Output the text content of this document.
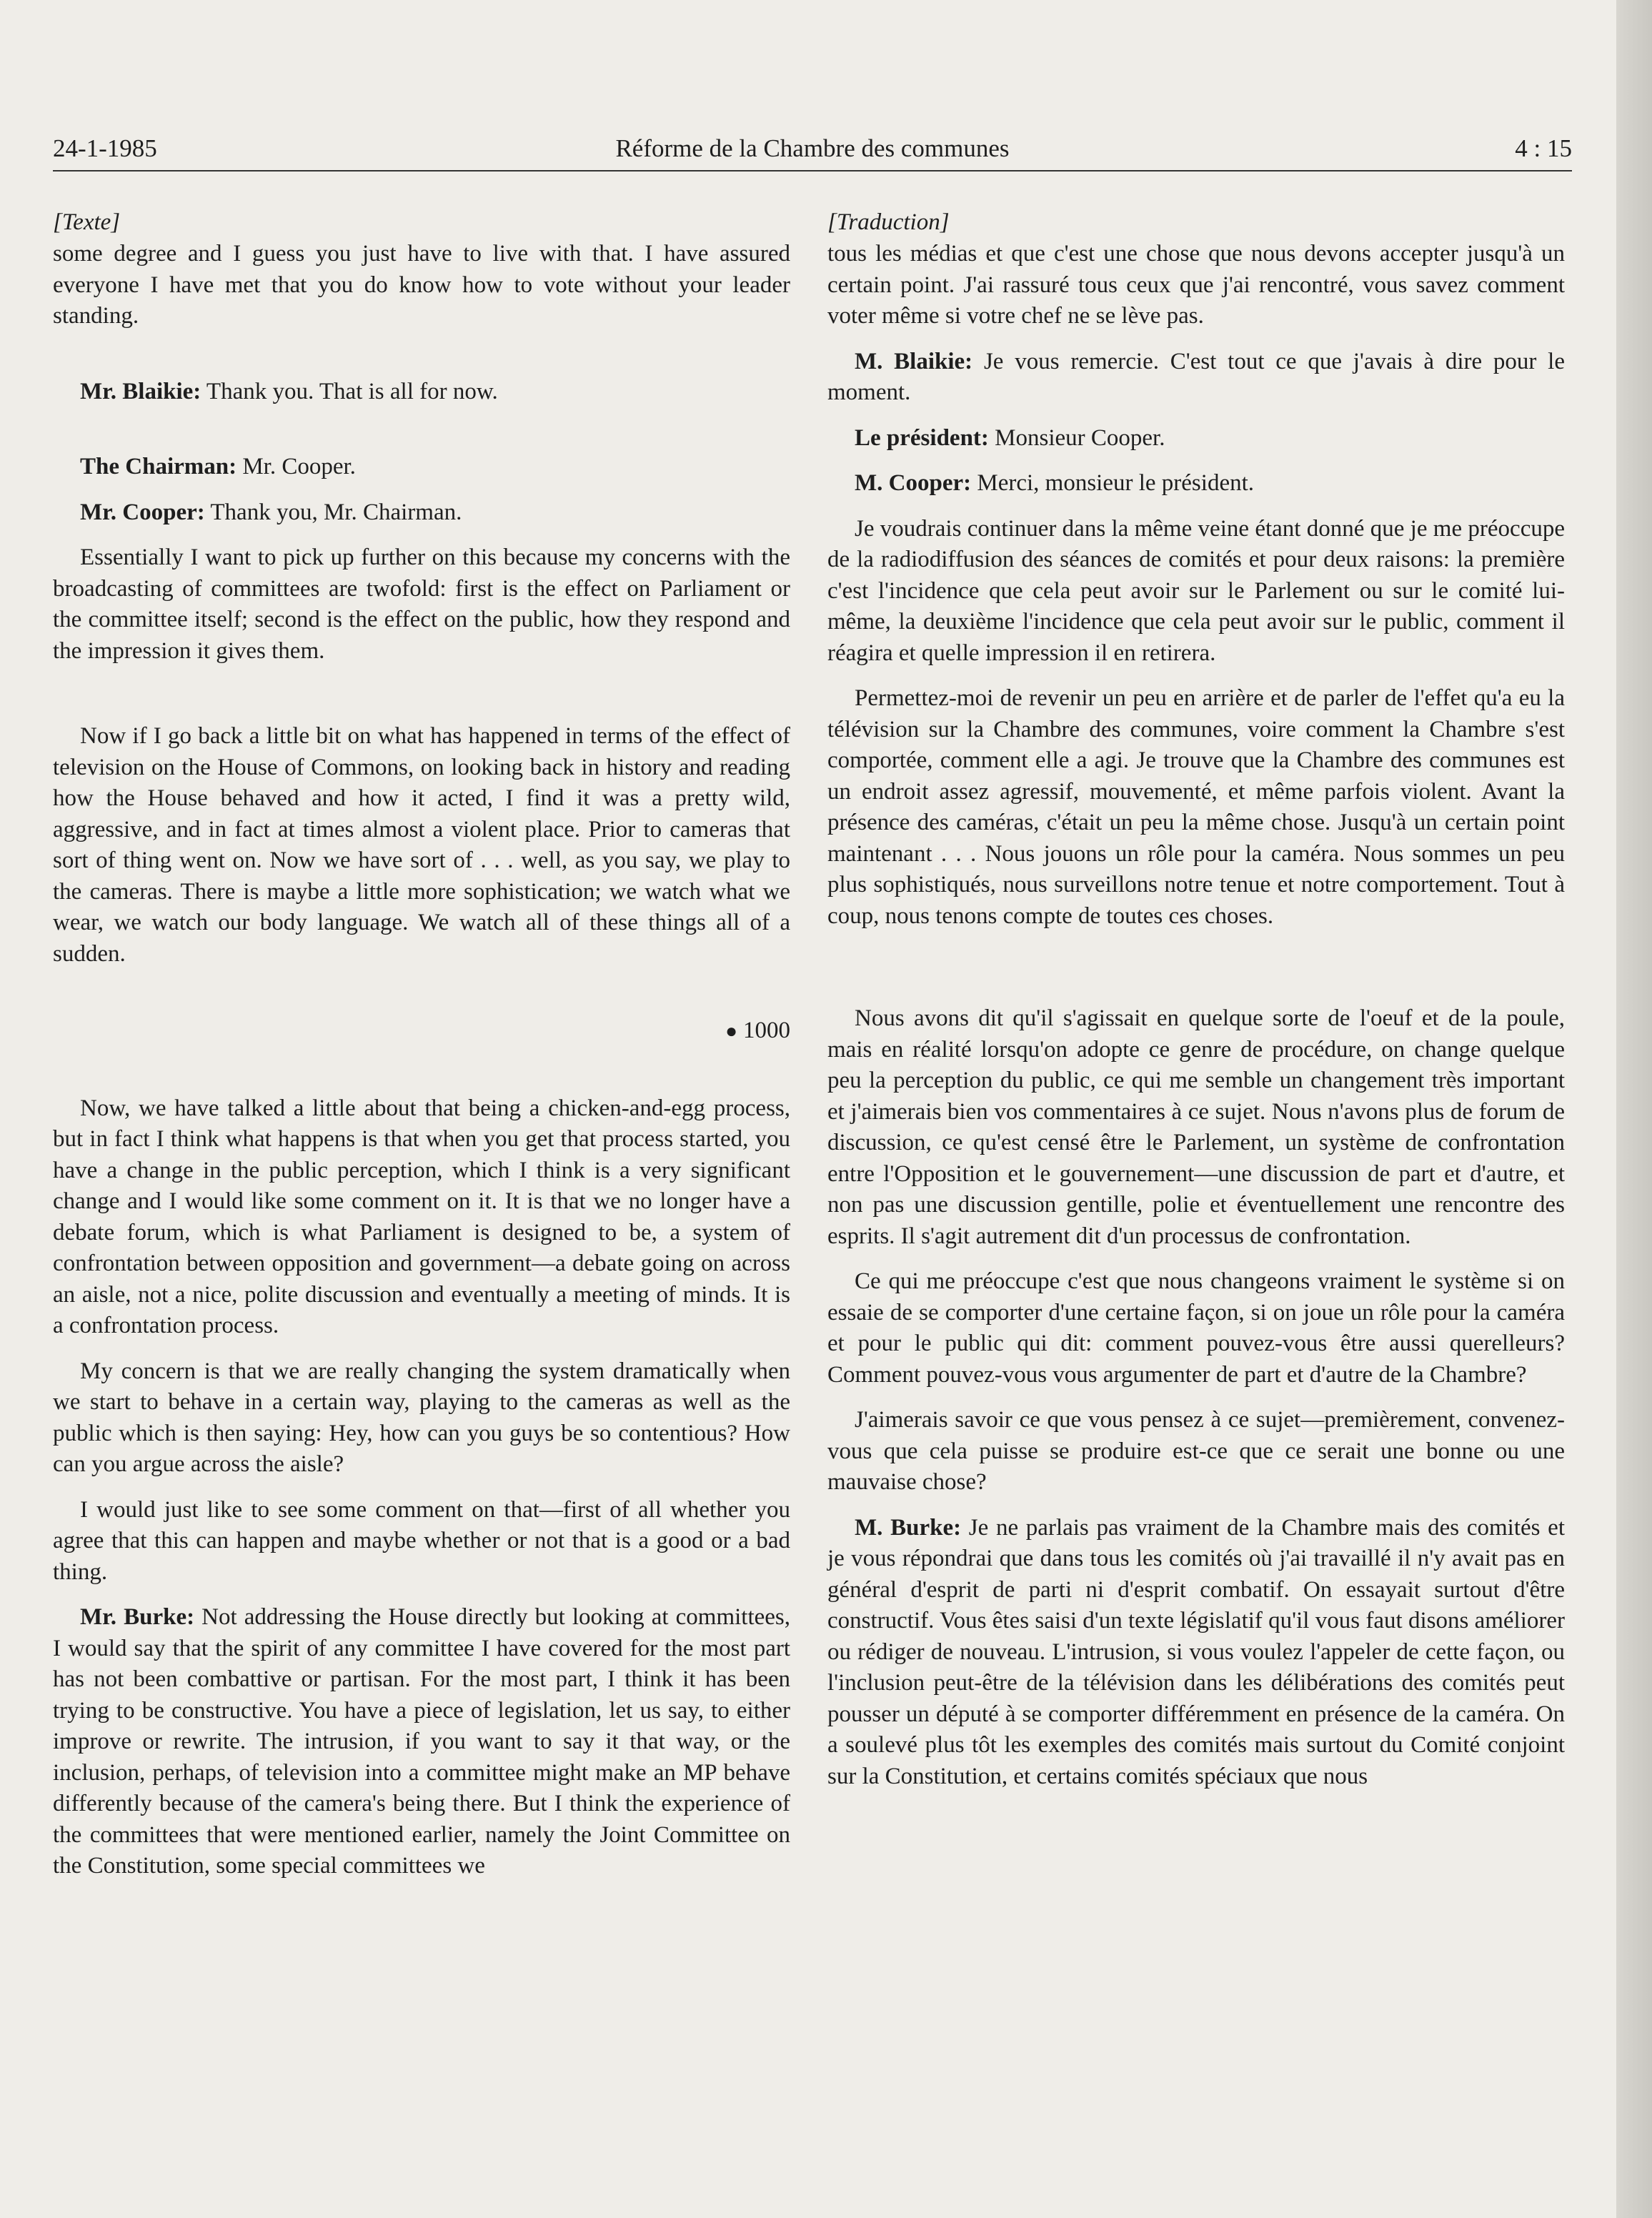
24-1-1985	Réforme de la Chambre des communes	4 : 15
[Texte]

some degree and I guess you just have to live with that. I have assured everyone I have met that you do know how to vote without your leader standing.

Mr. Blaikie: Thank you. That is all for now.

The Chairman: Mr. Cooper.

Mr. Cooper: Thank you, Mr. Chairman.

Essentially I want to pick up further on this because my concerns with the broadcasting of committees are twofold: first is the effect on Parliament or the committee itself; second is the effect on the public, how they respond and the impression it gives them.

Now if I go back a little bit on what has happened in terms of the effect of television on the House of Commons, on looking back in history and reading how the House behaved and how it acted, I find it was a pretty wild, aggressive, and in fact at times almost a violent place. Prior to cameras that sort of thing went on. Now we have sort of . . . well, as you say, we play to the cameras. There is maybe a little more sophistication; we watch what we wear, we watch our body language. We watch all of these things all of a sudden.

● 1000

Now, we have talked a little about that being a chicken-and-egg process, but in fact I think what happens is that when you get that process started, you have a change in the public perception, which I think is a very significant change and I would like some comment on it. It is that we no longer have a debate forum, which is what Parliament is designed to be, a system of confrontation between opposition and government—a debate going on across an aisle, not a nice, polite discussion and eventually a meeting of minds. It is a confrontation process.

My concern is that we are really changing the system dramatically when we start to behave in a certain way, playing to the cameras as well as the public which is then saying: Hey, how can you guys be so contentious? How can you argue across the aisle?

I would just like to see some comment on that—first of all whether you agree that this can happen and maybe whether or not that is a good or a bad thing.

Mr. Burke: Not addressing the House directly but looking at committees, I would say that the spirit of any committee I have covered for the most part has not been combattive or partisan. For the most part, I think it has been trying to be constructive. You have a piece of legislation, let us say, to either improve or rewrite. The intrusion, if you want to say it that way, or the inclusion, perhaps, of television into a committee might make an MP behave differently because of the camera's being there. But I think the experience of the committees that were mentioned earlier, namely the Joint Committee on the Constitution, some special committees we

[Traduction]

tous les médias et que c'est une chose que nous devons accepter jusqu'à un certain point. J'ai rassuré tous ceux que j'ai rencontré, vous savez comment voter même si votre chef ne se lève pas.

M. Blaikie: Je vous remercie. C'est tout ce que j'avais à dire pour le moment.

Le président: Monsieur Cooper.

M. Cooper: Merci, monsieur le président.

Je voudrais continuer dans la même veine étant donné que je me préoccupe de la radiodiffusion des séances de comités et pour deux raisons: la première c'est l'incidence que cela peut avoir sur le Parlement ou sur le comité lui-même, la deuxième l'incidence que cela peut avoir sur le public, comment il réagira et quelle impression il en retirera.

Permettez-moi de revenir un peu en arrière et de parler de l'effet qu'a eu la télévision sur la Chambre des communes, voire comment la Chambre s'est comportée, comment elle a agi. Je trouve que la Chambre des communes est un endroit assez agressif, mouvementé, et même parfois violent. Avant la présence des caméras, c'était un peu la même chose. Jusqu'à un certain point maintenant . . . Nous jouons un rôle pour la caméra. Nous sommes un peu plus sophistiqués, nous surveillons notre tenue et notre comportement. Tout à coup, nous tenons compte de toutes ces choses.

Nous avons dit qu'il s'agissait en quelque sorte de l'oeuf et de la poule, mais en réalité lorsqu'on adopte ce genre de procédure, on change quelque peu la perception du public, ce qui me semble un changement très important et j'aimerais bien vos commentaires à ce sujet. Nous n'avons plus de forum de discussion, ce qu'est censé être le Parlement, un système de confrontation entre l'Opposition et le gouvernement—une discussion de part et d'autre, et non pas une discussion gentille, polie et éventuellement une rencontre des esprits. Il s'agit autrement dit d'un processus de confrontation.

Ce qui me préoccupe c'est que nous changeons vraiment le système si on essaie de se comporter d'une certaine façon, si on joue un rôle pour la caméra et pour le public qui dit: comment pouvez-vous être aussi querelleurs? Comment pouvez-vous vous argumenter de part et d'autre de la Chambre?

J'aimerais savoir ce que vous pensez à ce sujet—premièrement, convenez-vous que cela puisse se produire est-ce que ce serait une bonne ou une mauvaise chose?

M. Burke: Je ne parlais pas vraiment de la Chambre mais des comités et je vous répondrai que dans tous les comités où j'ai travaillé il n'y avait pas en général d'esprit de parti ni d'esprit combatif. On essayait surtout d'être constructif. Vous êtes saisi d'un texte législatif qu'il vous faut disons améliorer ou rédiger de nouveau. L'intrusion, si vous voulez l'appeler de cette façon, ou l'inclusion peut-être de la télévision dans les délibérations des comités peut pousser un député à se comporter différemment en présence de la caméra. On a soulevé plus tôt les exemples des comités mais surtout du Comité conjoint sur la Constitution, et certains comités spéciaux que nous
